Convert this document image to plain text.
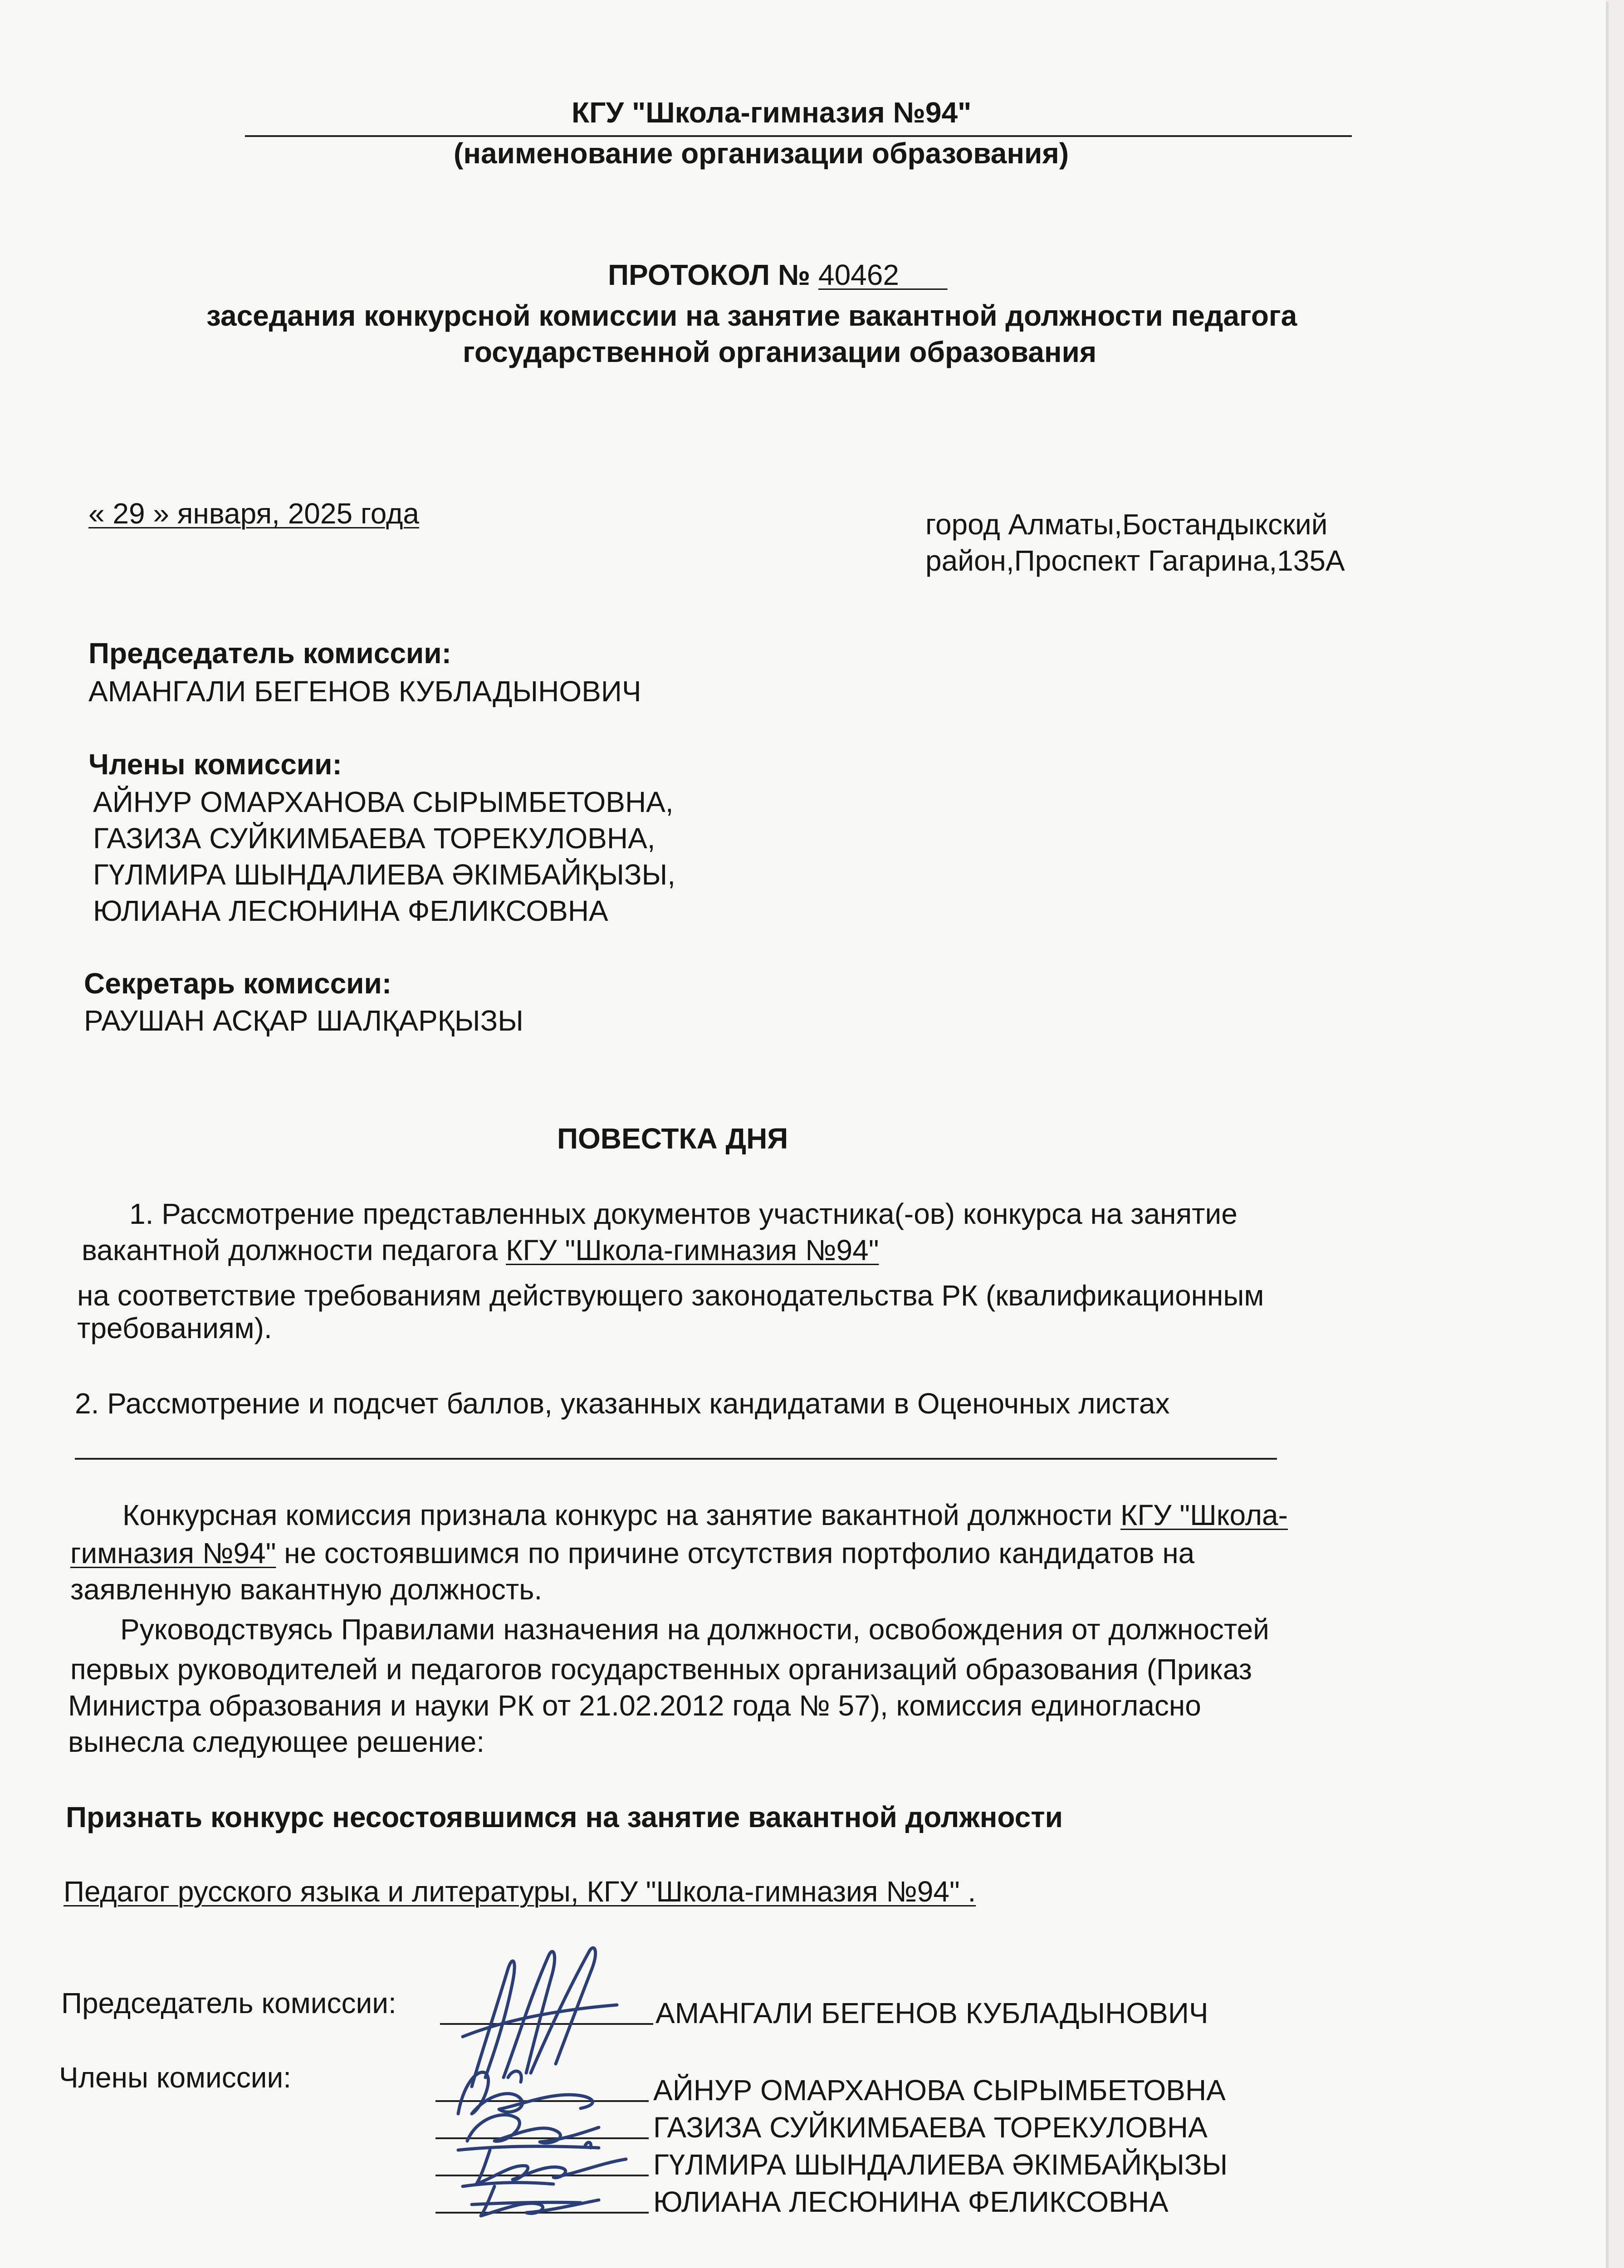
КГУ "Школа-гимназия №94"
(наименование организации образования)
ПРОТОКОЛ № 40462
заседания конкурсной комиссии на занятие вакантной должности педагога
государственной организации образования
« 29 » января, 2025 года	город Алматы,Бостандыкский
район,Проспект Гагарина,135А
Председатель комиссии:
АМАНГАЛИ БЕГЕНОВ КУБЛАДЫНОВИЧ
Члены комиссии:
АЙНУР ОМАРХАНОВА СЫРЫМБЕТОВНА,
ГАЗИЗА СУЙКИМБАЕВА ТОРЕКУЛОВНА,
ГҮЛМИРА ШЫНДАЛИЕВА ӘКІМБАЙҚЫЗЫ,
ЮЛИАНА ЛЕСЮНИНА ФЕЛИКСОВНА
Секретарь комиссии:
РАУШАН АСҚАР ШАЛҚАРҚЫЗЫ
ПОВЕСТКА ДНЯ
1. Рассмотрение представленных документов участника(-ов) конкурса на занятие
вакантной должности педагога КГУ "Школа-гимназия №94"
на соответствие требованиям действующего законодательства РК (квалификационным
требованиям).
2. Рассмотрение и подсчет баллов, указанных кандидатами в Оценочных листах
Конкурсная комиссия признала конкурс на занятие вакантной должности КГУ "Школа-
гимназия №94" не состоявшимся по причине отсутствия портфолио кандидатов на
заявленную вакантную должность.
Руководствуясь Правилами назначения на должности, освобождения от должностей
первых руководителей и педагогов государственных организаций образования (Приказ
Министра образования и науки РК от 21.02.2012 года № 57), комиссия единогласно
вынесла следующее решение:
Признать конкурс несостоявшимся на занятие вакантной должности
Педагог русского языка и литературы, КГУ "Школа-гимназия №94" .
Председатель комиссии:	АМАНГАЛИ БЕГЕНОВ КУБЛАДЫНОВИЧ
Члены комиссии:	АЙНУР ОМАРХАНОВА СЫРЫМБЕТОВНА
ГАЗИЗА СУЙКИМБАЕВА ТОРЕКУЛОВНА
ГҮЛМИРА ШЫНДАЛИЕВА ӘКІМБАЙҚЫЗЫ
ЮЛИАНА ЛЕСЮНИНА ФЕЛИКСОВНА
